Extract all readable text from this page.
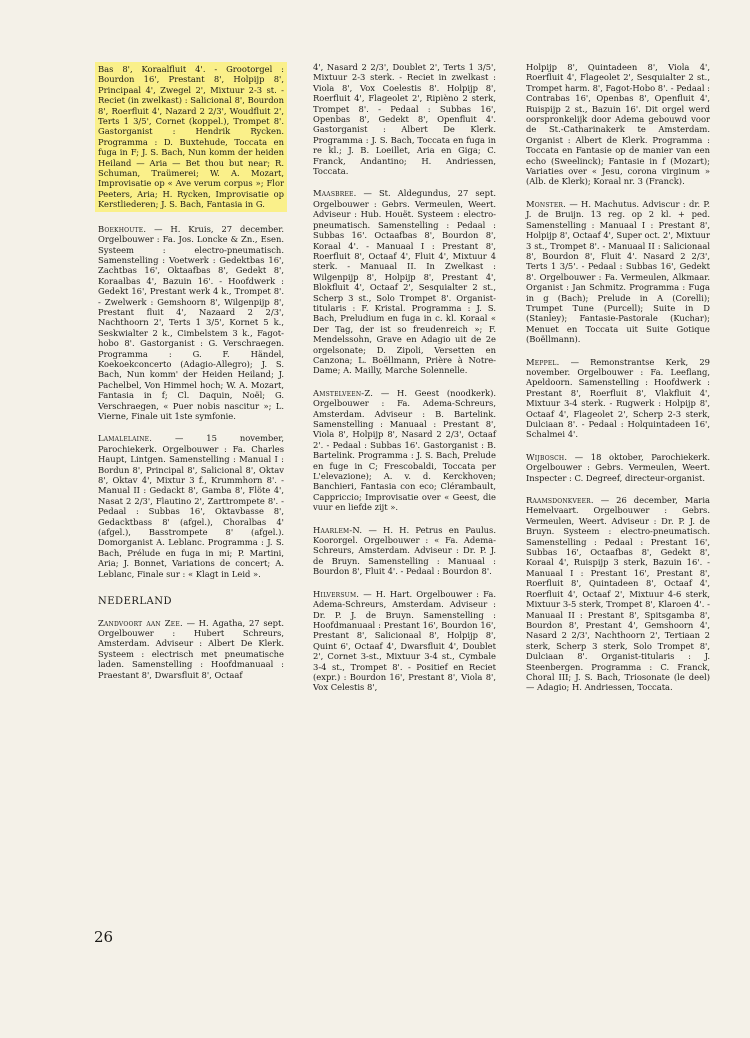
Bas 8', Koraalfluit 4'. - Grootorgel : Bourdon 16', Prestant 8', Holpijp 8', Principaal 4', Zwegel 2', Mixtuur 2-3 st. - Reciet (in zwelkast) : Salicional 8', Bourdon 8', Roerfluit 4', Nazard 2 2/3', Woudfluit 2', Terts 1 3/5', Cornet (koppel.), Trompet 8'. Gastorganist : Hendrik Rycken. Programma : D. Buxtehude, Toccata en fuga in F; J. S. Bach, Nun komm der heiden Heiland — Aria — Bet thou but near; R. Schuman, Traümerei; W. A. Mozart, Improvisatie op « Ave verum corpus »; Flor Peeters, Aria; H. Rycken, Improvisatie op Kerstliederen; J. S. Bach, Fantasia in G.

Boekhoute. — H. Kruis, 27 december. Orgelbouwer : Fa. Jos. Loncke & Zn., Esen. Systeem : electro-pneumatisch. Samenstelling : Voetwerk : Gedektbas 16', Zachtbas 16', Oktaafbas 8', Gedekt 8', Koraalbas 4', Bazuin 16'. - Hoofdwerk : Gedekt 16', Prestant werk 4 k., Trompet 8'. - Zwelwerk : Gemshoorn 8', Wilgenpijp 8', Prestant fluit 4', Nazaard 2 2/3', Nachthoorn 2', Terts 1 3/5', Kornet 5 k., Seskwialter 2 k., Cimbelstem 3 k., Fagot-hobo 8'. Gastorganist : G. Verschraegen. Programma : G. F. Händel, Koekoekconcerto (Adagio-Allegro); J. S. Bach, Nun komm' der Heiden Heiland; J. Pachelbel, Von Himmel hoch; W. A. Mozart, Fantasia in f; Cl. Daquin, Noël; G. Verschraegen, « Puer nobis nascitur »; L. Vierne, Finale uit 1ste symfonie.

Lamalelaine. — 15 november, Parochiekerk. Orgelbouwer : Fa. Charles Haupt, Lintgen. Samenstelling : Manual I : Bordun 8', Principal 8', Salicional 8', Oktav 8', Oktav 4', Mixtur 3 f., Krummhorn 8'. - Manual II : Gedackt 8', Gamba 8', Flöte 4', Nasat 2 2/3', Flautino 2', Zarttrompete 8'. - Pedaal : Subbas 16', Oktavbasse 8', Gedacktbass 8' (afgel.), Choralbas 4' (afgel.), Basstrompete 8' (afgel.). Domorganist A. Leblanc. Programma : J. S. Bach, Prélude en fuga in mi; P. Martini, Aria; J. Bonnet, Variations de concert; A. Leblanc, Finale sur : « Klagt in Leid ».

NEDERLAND

Zandvoort aan Zee. — H. Agatha, 27 sept. Orgelbouwer : Hubert Schreurs, Amsterdam. Adviseur : Albert De Klerk. Systeem : electrisch met pneumatische laden. Samenstelling : Hoofdmanuaal : Praestant 8', Dwarsfluit 8', Octaaf

4', Nasard 2 2/3', Doublet 2', Terts 1 3/5', Mixtuur 2-3 sterk. - Reciet in zwelkast : Viola 8', Vox Coelestis 8'. Holpijp 8', Roerfluit 4', Flageolet 2', Ripièno 2 sterk, Trompet 8'. - Pedaal : Subbas 16', Openbas 8', Gedekt 8', Openfluit 4'. Gastorganist : Albert De Klerk. Programma : J. S. Bach, Toccata en fuga in re kl.; J. B. Loeillet, Aria en Giga; C. Franck, Andantino; H. Andriessen, Toccata.

Maasbree. — St. Aldegundus, 27 sept. Orgelbouwer : Gebrs. Vermeulen, Weert. Adviseur : Hub. Houët. Systeem : electro-pneumatisch. Samenstelling : Pedaal : Subbas 16'. Octaafbas 8', Bourdon 8', Koraal 4'. - Manuaal I : Prestant 8', Roerfluit 8', Octaaf 4', Fluit 4', Mixtuur 4 sterk. - Manuaal II. In Zwelkast : Wilgenpijp 8', Holpijp 8', Prestant 4', Blokfluit 4', Octaaf 2', Sesquialter 2 st., Scherp 3 st., Solo Trompet 8'. Organist-titularis : F. Kristal. Programma : J. S. Bach, Preludium en fuga in c. kl. Koraal « Der Tag, der ist so freudenreich »; F. Mendelssohn, Grave en Adagio uit de 2e orgelsonate; D. Zipoli, Versetten en Canzona; L. Boëllmann, Prière à Notre-Dame; A. Mailly, Marche Solennelle.

Amstelveen-Z. — H. Geest (noodkerk). Orgelbouwer : Fa. Adema-Schreurs, Amsterdam. Adviseur : B. Bartelink. Samenstelling : Manuaal : Prestant 8', Viola 8', Holpijp 8', Nasard 2 2/3', Octaaf 2'. - Pedaal : Subbas 16'. Gastorganist : B. Bartelink. Programma : J. S. Bach, Prelude en fuge in C; Frescobaldi, Toccata per L'elevazione); A. v. d. Kerckhoven; Banchieri, Fantasia con eco; Clérambault, Cappriccio; Improvisatie over « Geest, die vuur en liefde zijt ».

Haarlem-N. — H. H. Petrus en Paulus. Koororgel. Orgelbouwer : « Fa. Adema-Schreurs, Amsterdam. Adviseur : Dr. P. J. de Bruyn. Samenstelling : Manuaal : Bourdon 8', Fluit 4'. - Pedaal : Bourdon 8'.

Hilversum. — H. Hart. Orgelbouwer : Fa. Adema-Schreurs, Amsterdam. Adviseur : Dr. P. J. de Bruyn. Samenstelling : Hoofdmanuaal : Prestant 16', Bourdon 16', Prestant 8', Salicionaal 8', Holpijp 8', Quint 6', Octaaf 4', Dwarsfluit 4', Doublet 2', Cornet 3-st., Mixtuur 3-4 st., Cymbale 3-4 st., Trompet 8'. - Positief en Reciet (expr.) : Bourdon 16', Prestant 8', Viola 8', Vox Celestis 8',

Holpijp 8', Quintadeen 8', Viola 4', Roerfluit 4', Flageolet 2', Sesquialter 2 st., Trompet harm. 8', Fagot-Hobo 8'. - Pedaal : Contrabas 16', Openbas 8', Openfluit 4', Ruispijp 2 st., Bazuin 16'. Dit orgel werd oorspronkelijk door Adema gebouwd voor de St.-Catharinakerk te Amsterdam. Organist : Albert de Klerk. Programma : Toccata en Fantasie op de manier van een echo (Sweelinck); Fantasie in f (Mozart); Variaties over « Jesu, corona virginum » (Alb. de Klerk); Koraal nr. 3 (Franck).

Monster. — H. Machutus. Adviscur : dr. P. J. de Bruijn. 13 reg. op 2 kl. + ped. Samenstelling : Manuaal I : Prestant 8', Holpijp 8', Octaaf 4', Super oct. 2', Mixtuur 3 st., Trompet 8'. - Manuaal II : Salicionaal 8', Bourdon 8', Fluit 4'. Nasard 2 2/3', Terts 1 3/5'. - Pedaal : Subbas 16', Gedekt 8'. Orgelbouwer : Fa. Vermeulen, Alkmaar. Organist : Jan Schmitz. Programma : Fuga in g (Bach); Prelude in A (Corelli); Trumpet Tune (Purcell); Suite in D (Stanley); Fantasie-Pastorale (Kuchar); Menuet en Toccata uit Suite Gotique (Boëllmann).

Meppel. — Remonstrantse Kerk, 29 november. Orgelbouwer : Fa. Leeflang, Apeldoorn. Samenstelling : Hoofdwerk : Prestant 8', Roerfluit 8', Vlakfluit 4', Mixtuur 3-4 sterk. - Rugwerk : Holpijp 8', Octaaf 4', Flageolet 2', Scherp 2-3 sterk, Dulciaan 8'. - Pedaal : Holquintadeen 16', Schalmei 4'.

Wijbosch. — 18 oktober, Parochiekerk. Orgelbouwer : Gebrs. Vermeulen, Weert. Inspecter : C. Degreef, directeur-organist.

Raamsdonkveer. — 26 december, Maria Hemelvaart. Orgelbouwer : Gebrs. Vermeulen, Weert. Adviseur : Dr. P. J. de Bruyn. Systeem : electro-pneumatisch. Samenstelling : Pedaal : Prestant 16', Subbas 16', Octaafbas 8', Gedekt 8', Koraal 4', Ruispijp 3 sterk, Bazuin 16'. - Manuaal I : Prestant 16', Prestant 8', Roerfluit 8', Quintadeen 8', Octaaf 4', Roerfluit 4', Octaaf 2', Mixtuur 4-6 sterk, Mixtuur 3-5 sterk, Trompet 8', Klaroen 4'. - Manuaal II : Prestant 8', Spitsgamba 8', Bourdon 8', Prestant 4', Gemshoorn 4', Nasard 2 2/3', Nachthoorn 2', Tertiaan 2 sterk, Scherp 3 sterk, Solo Trompet 8', Dulciaan 8'. Organist-titularis : J. Steenbergen. Programma : C. Franck, Choral III; J. S. Bach, Triosonate (le deel) — Adagio; H. Andriessen, Toccata.

26
